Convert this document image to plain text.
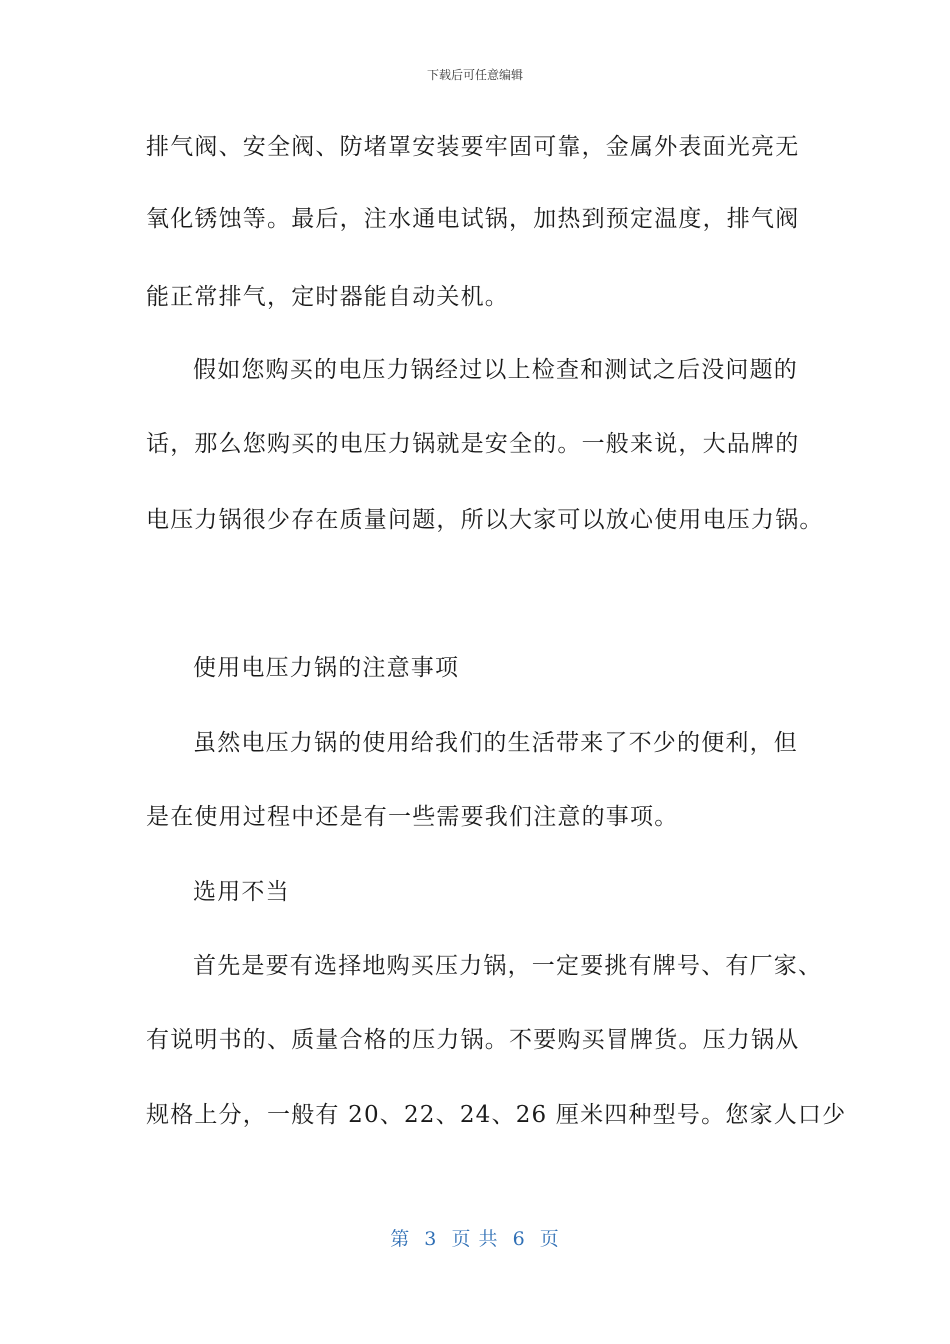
下载后可任意编辑
排气阀、安全阀、防堵罩安装要牢固可靠，金属外表面光亮无
氧化锈蚀等。最后，注水通电试锅，加热到预定温度，排气阀
能正常排气，定时器能自动关机。
假如您购买的电压力锅经过以上检查和测试之后没问题的
话，那么您购买的电压力锅就是安全的。一般来说，大品牌的
电压力锅很少存在质量问题，所以大家可以放心使用电压力锅。
使用电压力锅的注意事项
虽然电压力锅的使用给我们的生活带来了不少的便利，但
是在使用过程中还是有一些需要我们注意的事项。
选用不当
首先是要有选择地购买压力锅，一定要挑有牌号、有厂家、
有说明书的、质量合格的压力锅。不要购买冒牌货。压力锅从
规格上分，一般有 20、22、24、26 厘米四种型号。您家人口少
第  3  页 共  6  页
